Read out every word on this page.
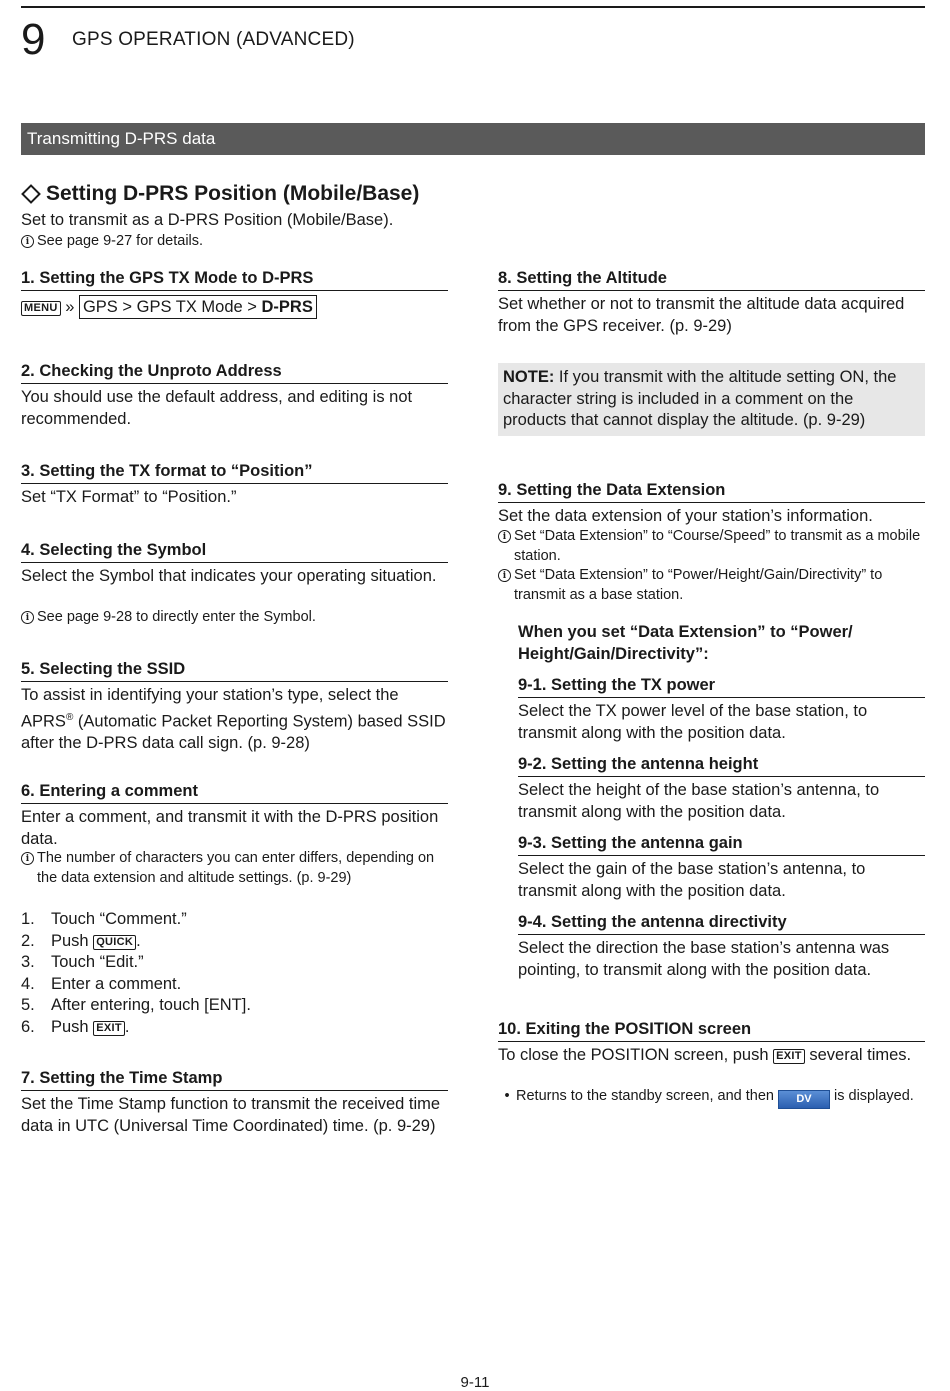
9 GPS OPERATION (ADVANCED)
Transmitting D-PRS data
Setting D-PRS Position (Mobile/Base)
Set to transmit as a D-PRS Position (Mobile/Base).
i
See page 9-27 for details.
1. Setting the GPS TX Mode to D-PRS
MENU » GPS > GPS TX Mode > D-PRS
2. Checking the Unproto Address
You should use the default address, and editing is not recommended.
3. Setting the TX format to “Position”
Set “TX Format” to “Position.”
4. Selecting the Symbol
Select the Symbol that indicates your operating situation.
i
See page 9-28 to directly enter the Symbol.
5. Selecting the SSID
To assist in identifying your station’s type, select the APRS® (Automatic Packet Reporting System) based SSID after the D-PRS data call sign. (p. 9-28)
6. Entering a comment
Enter a comment, and transmit it with the D-PRS position data.
i
The number of characters you can enter differs, depending on the data extension and altitude settings. (p. 9-29)
1. Touch “Comment.”
2. Push QUICK .
3. Touch “Edit.”
4. Enter a comment.
5. After entering, touch [ENT].
6. Push EXIT .
7. Setting the Time Stamp
Set the Time Stamp function to transmit the received time data in UTC (Universal Time Coordinated) time. (p. 9-29)
8. Setting the Altitude
Set whether or not to transmit the altitude data acquired from the GPS receiver. (p. 9-29)
NOTE: If you transmit with the altitude setting ON, the character string is included in a comment on the products that cannot display the altitude. (p. 9-29)
9. Setting the Data Extension
Set the data extension of your station’s information.
i
Set “Data Extension” to “Course/Speed” to transmit as a mobile station.
i
Set “Data Extension” to “Power/Height/Gain/Directivity” to transmit as a base station.
When you set “Data Extension” to “Power/ Height/Gain/Directivity”:
9-1. Setting the TX power
Select the TX power level of the base station, to transmit along with the position data.
9-2. Setting the antenna height
Select the height of the base station’s antenna, to transmit along with the position data.
9-3. Setting the antenna gain
Select the gain of the base station’s antenna, to transmit along with the position data.
9-4. Setting the antenna directivity
Select the direction the base station’s antenna was pointing, to transmit along with the position data.
10. Exiting the POSITION screen
To close the POSITION screen, push EXIT several times.
• Returns to the standby screen, and then DV is displayed.
9-11
